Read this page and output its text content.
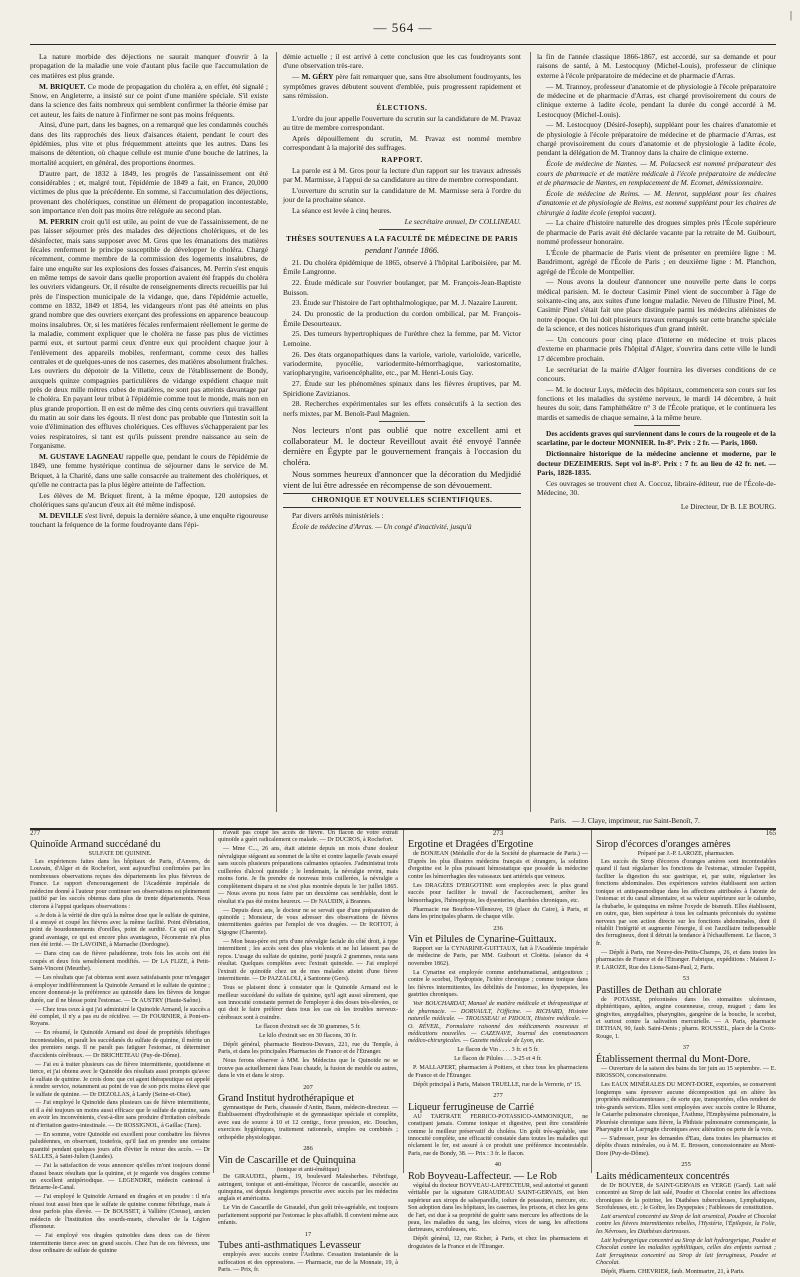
— 564 —
|

La nature morbide des déjections ne saurait manquer d'ouvrir à la propagation de la maladie une voie d'autant plus facile que l'accumulation de ces matières est plus grande.

M. BRIQUET. Ce mode de propagation du choléra a, en effet, été signalé ; Snow, en Angleterre, a insisté sur ce point d'une manière spéciale. S'il existe dans la science des faits nombreux qui semblent confirmer la théorie émise par cet auteur, les faits de nature à l'infirmer ne sont pas moins fréquents.

Ainsi, d'une part, dans les bagnes, on a remarqué que les condamnés couchés dans des lits rapprochés des lieux d'aisances étaient, pendant le court des épidémies, plus vite et plus fréquemment atteints que les autres. Dans les maisons de détention, où chaque cellule est munie d'une bouche de latrines, la mortalité acquiert, en général, des proportions énormes.

D'autre part, de 1832 à 1849, les progrès de l'assainissement ont été considérables ; et, malgré tout, l'épidémie de 1849 a fait, en France, 20,000 victimes de plus que la précédente. En somme, si l'accumulation des déjections, provenant des cholériques, constitue un élément de propagation incontestable, son importance n'en doit pas moins être reléguée au second plan.

M. PERRIN croit qu'il est utile, au point de vue de l'assainissement, de ne pas laisser séjourner près des malades des déjections cholériques, et de les désinfecter, mais sans supposer avec M. Gros que les émanations des matières fécales renferment le principe susceptible de développer le choléra. Chargé récemment, comme membre de la commission des logements insalubres, de faire une enquête sur les explosions des fosses d'aisances, M. Perrin s'est enquis en même temps de savoir dans quelle proportion avaient été frappés du choléra les ouvriers vidangeurs. Or, il résulte de renseignements directs recueillis par lui près de l'inspection municipale de la vidange, que, dans l'épidémie actuelle, comme en 1832, 1849 et 1854, les vidangeurs n'ont pas été atteints en plus grand nombre que des ouvriers exerçant des professions en apparence beaucoup moins insalubres. Or, si les matières fécales renfermaient réellement le germe de la maladie, comment expliquer que le choléra ne fasse pas plus de victimes parmi eux, et surtout parmi ceux d'entre eux qui procèdent chaque jour à l'enlèvement des appareils mobiles, renfermant, comme ceux des halles centrales et de quelques-unes de nos casernes, des matières absolument fraîches. Les ouvriers du dépotoir de la Villette, ceux de l'établissement de Bondy, auxquels quinze compagnies particulières de vidange expédient chaque nuit près de deux mille mètres cubes de matières, ne sont pas atteints davantage par le choléra. En payant leur tribut à l'épidémie comme tout le monde, mais non en plus grande proportion. Il en est de même des cinq cents ouvriers qui travaillent du matin au soir dans les égouts. Il n'est donc pas probable que l'intestin soit la voie d'élimination des effluves cholériques. Ces effluves s'échapperaient par les voies respiratoires, si tant est qu'ils puissent prendre naissance au sein de l'organisme.

M. GUSTAVE LAGNEAU rappelle que, pendant le cours de l'épidémie de 1849, une femme hystérique continua de séjourner dans le service de M. Briquet, à la Charité, dans une salle consacrée au traitement des cholériques, et qu'elle ne contracta pas la plus légère atteinte de l'affection.

Les élèves de M. Briquet firent, à la même époque, 120 autopsies de cholériques sans qu'aucun d'eux ait été même indisposé.

M. DEVILLE s'est livré, depuis la dernière séance, à une enquête rigoureuse touchant la fréquence de la forme foudroyante dans l'épi-

démie actuelle ; il est arrivé à cette conclusion que les cas foudroyants sont d'une observation très-rare.

— M. GÉRY père fait remarquer que, sans être absolument foudroyants, les symptômes graves débutent souvent d'emblée, puis progressent rapidement et sans rémission.

ÉLECTIONS.

L'ordre du jour appelle l'ouverture du scrutin sur la candidature de M. Pravaz au titre de membre correspondant.

Après dépouillement du scrutin, M. Pravaz est nommé membre correspondant à la majorité des suffrages.

RAPPORT.

La parole est à M. Gros pour la lecture d'un rapport sur les travaux adressés par M. Marmisse, à l'appui de sa candidature au titre de membre correspondant.

L'ouverture du scrutin sur la candidature de M. Marmisse sera à l'ordre du jour de la prochaine séance.

La séance est levée à cinq heures.

Le secrétaire annuel, Dr COLLINEAU.

THÈSES SOUTENUES A LA FACULTÉ DE MÉDECINE DE PARIS
pendant l'année 1866.

21. Du choléra épidémique de 1865, observé à l'hôpital Lariboisière, par M. Émile Langronne.

22. Étude médicale sur l'ouvrier boulanger, par M. François-Jean-Baptiste Buisson.

23. Étude sur l'histoire de l'art ophthalmologique, par M. J. Nazaire Laurent.

24. Du pronostic de la production du cordon ombilical, par M. François-Émile Desourteaux.

25. Des tumeurs hypertrophiques de l'urèthre chez la femme, par M. Victor Lemoine.

26. Des états organopathiques dans la variole, variole, varioloïde, varicelle, variodermite, pyocélie, variodermite-hémorrhagique, variostomatite, variopharyngite, varioencéphalite, etc., par M. Henri-Louis Gay.

27. Étude sur les phénomènes spinaux dans les fièvres éruptives, par M. Spiridione Zavizianos.

28. Recherches expérimentales sur les effets consécutifs à la section des nerfs mixtes, par M. Benoît-Paul Magnien.

Nos lecteurs n'ont pas oublié que notre excellent ami et collaborateur M. le docteur Reveillout avait été envoyé l'année dernière en Égypte par le gouvernement français à l'occasion du choléra.

Nous sommes heureux d'annoncer que la décoration du Medjidié vient de lui être adressée en récompense de son dévouement.

CHRONIQUE ET NOUVELLES SCIENTIFIQUES.

Par divers arrêtés ministériels :

École de médecine d'Arras. — Un congé d'inactivité, jusqu'à

la fin de l'année classique 1866-1867, est accordé, sur sa demande et pour raisons de santé, à M. Lestocquoy (Michel-Louis), professeur de clinique externe à l'école préparatoire de médecine et de pharmacie d'Arras.

— M. Trannoy, professeur d'anatomie et de physiologie à l'école préparatoire de médecine et de pharmacie d'Arras, est chargé provisoirement du cours de clinique externe à ladite école, pendant la durée du congé accordé à M. Lestocquoy (Michel-Louis).

— M. Lestocquoy (Désiré-Joseph), suppléant pour les chaires d'anatomie et de physiologie à l'école préparatoire de médecine et de pharmacie d'Arras, est chargé provisoirement du cours d'anatomie et de physiologie à ladite école, pendant la délégation de M. Trannoy dans la chaire de clinique externe.

École de médecine de Nantes. — M. Polacseck est nommé préparateur des cours de pharmacie et de matière médicale à l'école préparatoire de médecine et de pharmacie de Nantes, en remplacement de M. Ecomet, démissionnaire.

École de médecine de Reims. — M. Henrot, suppléant pour les chaires d'anatomie et de physiologie de Reims, est nommé suppléant pour les chaires de chirurgie à ladite école (emploi vacant).

— La chaire d'histoire naturelle des drogues simples près l'École supérieure de pharmacie de Paris avait été déclarée vacante par la retraite de M. Guibourt, nommé professeur honoraire.

L'École de pharmacie de Paris vient de présenter en première ligne : M. Baudrimont, agrégé de l'École de Paris ; en deuxième ligne : M. Planchon, agrégé de l'École de Montpellier.

— Nous avons la douleur d'annoncer une nouvelle perte dans le corps médical parisien. M. le docteur Casimir Pinel vient de succomber à l'âge de soixante-cinq ans, aux suites d'une longue maladie. Neveu de l'illustre Pinel, M. Casimir Pinel s'était fait une place distinguée parmi les médecins aliénistes de notre époque. On lui doit plusieurs travaux remarqués sur cette branche spéciale de la science, et des notices historiques d'un grand intérêt.

— Un concours pour cinq place d'interne en médecine et trois places d'externe en pharmacie près l'hôpital d'Alger, s'ouvrira dans cette ville le lundi 17 décembre prochain.

Le secrétariat de la mairie d'Alger fournira les diverses conditions de ce concours.

— M. le docteur Luys, médecin des hôpitaux, commencera son cours sur les fonctions et les maladies du système nerveux, le mardi 14 décembre, à huit heures du soir, dans l'amphithéâtre n° 3 de l'École pratique, et le continuera les mardis et samedis de chaque semaine, à la même heure.

Des accidents graves qui surviennent dans le cours de la rougeole et de la scarlatine, par le docteur MONNIER. In-8°. Prix : 2 fr. — Paris, 1860.

Dictionnaire historique de la médecine ancienne et moderne, par le docteur DEZEIMERIS. Sept vol in-8°. Prix : 7 fr. au lieu de 42 fr. net. — Paris, 1828-1835.

Ces ouvrages se trouvent chez A. Coccoz, libraire-éditeur, rue de l'École-de-Médecine, 30.

Le Directeur, Dr B. LE BOURG.
Paris. — J. Claye, imprimeur, rue Saint-Benoît, 7.
277
Quinoïde Armand succédané du
SULFATE DE QUININE.

Les expériences faites dans les hôpitaux de Paris, d'Anvers, de Louvain, d'Alger et de Rochefort, sont aujourd'hui confirmées par les nombreuses observations reçues des départements les plus fiévreux de France. Le rapport d'encouragement de l'Académie impériale de médecine donné à l'auteur pour continuer ses observations est pleinement justifié par les succès obtenus dans plus de trente départements. Nous citerons à l'appui quelques observations :

« Je dois à la vérité de dire qu'à la même dose que le sulfate de quinine, il a enrayé et coupé les fièvres avec la même facilité. Point d'ébriation, point de bourdonnements d'oreilles, point de surdité. Ce qui est d'un grand avantage, ce qui est encore plus avantageux, l'économie n'a plus rien été irrité. — Dr LAVOINE, à Marnache (Dordogne).

— Dans cinq cas de fièvre paludéenne, trois fois les accès ont été coupés et deux fois sensiblement modifiés. — Dr LA FLIZE, à Petit-Saint-Vincent (Meurthe).

— Les résultats que j'ai obtenus sont assez satisfaisants pour m'engager à employer indifféremment la Quinoïde Armand et le sulfate de quinine ; encore donnerai-je la préférence au quinoïde dans les fièvres de longue durée, car il ne blesse point l'estomac. — Dr AUSTRY (Haute-Saône).

— Chez tous ceux à qui j'ai administré le Quinoïde Armand, le succès a été complet, il n'y a pas eu de récidive. — Dr FOURNIER, à Pont-en-Royans.

— En résumé, le Quinoïde Armand est doué de propriétés fébrifuges incontestables, et paraît les succédanés du sulfate de quinine, il mérite un des premiers rangs. Il ne paraît pas fatiguer l'estomac, ni déterminer d'accidents cérébraux. — Dr BRICHETEAU (Puy-de-Dôme).

— J'ai eu à traiter plusieurs cas de fièvre intermittente, quotidienne et tierce, et j'ai obtenu avec le Quinoïde des résultats aussi prompts qu'avec le sulfate de quinine. Je crois donc que cet agent thérapeutique est appelé à rendre service, notamment au point de vue de son prix moins élevé que le sulfate de quinine. — Dr DEZOLLAS, à Lardy (Seine-et-Oise).

— J'ai employé le Quinoïde dans plusieurs cas de fièvre intermittente, et il a été toujours un moins aussi efficace que le sulfate de quinine, sans en avoir les inconvénients, c'est-à-dire sans produire d'irritation cérébrale ni d'irritation gastro-intestinale. — Dr ROSSIGNOL, à Gaillac (Tarn).

— En somme, votre Quinoïde est excellent pour combattre les fièvres paludéennes, en observant, toutefois, qu'il faut en prendre une certaine quantité pendant quelques jours afin d'éviter le retour des accès. — Dr SALLES, à Saint-Julien (Landes).

— J'ai la satisfaction de vous annoncer qu'elles m'ont toujours donné d'aussi beaux résultats que la quinine, et je regarde vos dragées comme un excellent antipériodique. — LEGENDRE, médecin cantonal à Brizarne-le-Canal.

— J'ai employé le Quinoïde Armand en dragées et en poudre : il m'a réussi tout aussi bien que le sulfate de quinine comme fébrifuge, mais à dose parfois plus élevée. — Dr BOUSSET, à Vallière (Creuse), ancien médecin de l'institution des sourds-muets, chevalier de la Légion d'honneur.

— J'ai employé vos dragées quinoïdes dans deux cas de fièvre intermittente tierce avec un grand succès. Chez l'un de ces fiévreux, une dose ordinaire de sulfate de quinine

n'avait pas coupé les accès de fièvre. Un flacon de votre extrait quinoïde a guéri radicalement ce malade. — Dr DUCROS, à Rochefort.

— Mme C..., 26 ans, était atteinte depuis un mois d'une douleur névralgique siégeant au sommet de la tête et contre laquelle j'avais essayé sans succès plusieurs préparations calmantes opiacées. J'administrai trois cuillerées d'alcool quinoïde ; le lendemain, la névralgie revint, mais moins forte. Je fis prendre de nouveau trois cuillerées, la névralgie a complètement disparu et ne s'est plus montrée depuis le 1er juillet 1865. — Nous avons pu nous faire par un deuxième cas semblable, dont le résultat n'a pas été moins heureux. — Dr NAUDIN, à Brannes.

— Depuis deux ans, le docteur ne se servait que d'une préparation de quinoïde ; Monsieur, de vous adresser des observations de fièvres intermittentes guéries par l'emploi de vos dragées. — Dr ROITOT, à Sigogne (Charente).

— Mon beau-père est pris d'une névralgie faciale du côté droit, à type intermittent ; les accès sont des plus violents et ne lui laissent pas de repos. L'usage du sulfate de quinine, porté jusqu'à 2 grammes, resta sans résultat. Quelques complètes avec l'extrait quinoïde. — J'ai employé l'extrait de quinoïde chez un de mes malades atteint d'une fièvre intermittente. — Dr PAZZALOLI, à Santonne (Gers).

Tous se plaisent donc à constater que le Quinoïde Armand est le meilleur succédané du sulfate de quinine, qu'il agit aussi sûrement, que son innocuité constante permet de l'employer à des doses très-élevées, ce qui doit le faire préférer dans tous les cas où les troubles nerveux-cérébraux sont à craindre.

Le flacon d'extrait sec de 30 grammes, 5 fr.

Le kilo d'extrait sec en 30 flacons, 30 fr.

Dépôt général, pharmacie Boutrou-Duvaux, 221, rue du Temple, à Paris, et dans les principales Pharmacies de France et de l'Étranger.

Nous ferons observer à MM. les Médecins que le Quinoïde ne se trouve pas actuellement dans l'eau chaude, la fusion de meuble ou autres, dans le vin et dans le sirop.

207
Grand Institut hydrothérapique et

gymnastique de Paris, chaussée d'Antin, Baum, médecin-directeur. — Établissement d'hydrothérapie et de gymnastique spéciale et complète, avec eau de source à 10 et 12 centigr., force pression, etc. Douches, exercices hygiéniques, traitement rationnels, simples ou combinés ; orthopédie physiologique.

286
Vin de Cascarille et de Quinquina
(tonique et anti-émétique)

De GIRAUDEL, pharm., 19, boulevard Malesherbes. Fébrifuge, astringent, tonique et anti-émétique, l'écorce de cascarille, associée au quinquina, est depuis longtemps prescrite avec succès par les médecins anglais et américains.

Le Vin de Cascarille de Giraudel, d'un goût très-agréable, est toujours parfaitement supporté par l'estomac le plus affaibli. Il convient même aux enfants.

17
Tubes anti-asthmatiques Levasseur

employés avec succès contre l'Asthme. Cessation instantanée de la suffocation et des oppressions. — Pharmacie, rue de la Monnaie, 19, à Paris. — Prix, fr.

273
Ergotine et Dragées d'Ergotine

de BONJEAN (Médaille d'or de la Société de pharmacie de Paris.) — D'après les plus illustres médecins français et étrangers, la solution d'ergotine est le plus puissant hémostatique que possède la médecine contre les hémorrhagies des vaisseaux tant artériels que veineux.

Les DRAGÉES D'ERGOTINE sont employées avec le plus grand succès pour faciliter le travail de l'accouchement, arrêter les hémorrhagies, l'hémoptysie, les dysenteries, diarrhées chroniques, etc.

Pharmacie rue Bourbon-Villeneuve, 19 (place du Caire), à Paris, et dans les principales pharm. de chaque ville.

236
Vin et Pilules de Cynarine-Guittaux.

Rapport sur la CYNARINE-GUITTAUX, fait à l'Académie impériale de médecine de Paris, par MM. Guibourt et Cloëtta. (séance du 4 novembre 1862).

La Cynarine est employée comme antirhumatismal, antigoutteux ; contre le scorbut, l'hydropisie, l'ictère chronique ; comme tonique dans les fièvres intermittentes, les débilités de l'estomac, les dyspepsies, les gastrites chroniques.

Voir BOUCHARDAT, Manuel de matière médicale et thérapeutique et de pharmacie. — DORVAULT, l'Officine. — RICHARD, Histoire naturelle médicale. — TROUSSEAU et PIDOUX, Histoire médicale. — O. RÉVEIL, Formulaire raisonné des médicaments nouveaux et médications nouvelles. — CAZENAVE, Journal des connaissances médico-chirurgicales. — Gazette médicale de Lyon, etc.

Le flacon de Vin . . . . 3 fr. et 5 fr.

Le flacon de Pilules . . . 3-25 et 4 fr.

P. MALLAPERT, pharmacien à Poitiers, et chez tous les pharmaciens de France et de l'Étranger.

Dépôt principal à Paris, Maison TRUELLE, rue de la Verrerie, n° 15.

277
Liqueur ferrugineuse de Carrié

AU TARTRATE FERRICO-POTASSICO-AMMONIQUE, ne constipant jamais. Comme tonique et digestive, peut être considérée comme le meilleur préservatif du choléra. Un goût très-agréable, une innocuité complète, une efficacité constatée dans toutes les maladies qui réclament le fer, est assuré à ce produit une préférence incontestable. Paris, rue de Bondy, 38. — Prix : 3 fr. le flacon.

40
Rob Boyveau-Laffecteur. — Le Rob

végétal du docteur BOYVEAU-LAFFECTEUR, seul autorisé et garanti véritable par la signature GIRAUDEAU SAINT-GERVAIS, est bien supérieur aux sirops de salsepareille, iodure de potassium, mercure, etc. Son adoption dans les hôpitaux, les casernes, les prisons, et chez les gens de l'art, est due à sa propriété de guérir sans mercure les affections de la peau, les maladies du sang, les ulcères, vices de sang, les affections dartreuses, scrofuleuses, etc.

Dépôt général, 12, rue Richer, à Paris, et chez les pharmaciens et droguistes de la France et de l'Étranger.

165
Sirop d'écorces d'oranges amères
Préparé par J.-P. LAROZE, pharmacien.

Les succès du Sirop d'écorces d'oranges amères sont incontestables quand il faut régulariser les fonctions de l'estomac, stimuler l'appétit, faciliter la digestion du suc gastrique, et, par suite, régulariser les fonctions abdominales. Des expériences suivies établissent son action tonique et antispasmodique dans les affections attribuées à l'atonie de l'estomac et du canal alimentaire, et sa valeur supérieure sur le calumbo, la rhubarbe, le quinquina en même l'oxyde de bismuth. Elles établissent, en outre, que, bien supérieur à tous les calmants préconisés du système nerveux par son action directe sur les fonctions abdominales, dont il rétablit l'intégrité et augmente l'énergie, il est l'auxiliaire indispensable des ferrugineux, dont il détruit la tendance à l'échauffement. Le flacon, 3 fr.

— Dépôt à Paris, rue Neuve-des-Petits-Champs, 26, et dans toutes les pharmacies de France et de l'Étranger. Fabrique, expéditions : Maison J.-P. LAROZE, Rue des Lions-Saint-Paul, 2, Paris.

53
Pastilles de Dethan au chlorate

de POTASSE, préconisées dans les stomatites ulcéreuses, diphtéritiques, aphtes, angine couenneuse, croup, muguet ; dans les gingivites, amygdalites, pharyngites, gangrène de la bouche, le scorbut, et surtout contre la salivation mercurielle. — A Paris, pharmacie DETHAN, 90, faub. Saint-Denis ; pharm. ROUSSEL, place de la Croix-Rouge, 1.

37
Établissement thermal du Mont-Dore.

— Ouverture de la saison des bains du 1er juin au 15 septembre. — E. BROSSON, concessionnaire.

Les EAUX MINÉRALES DU MONT-DORE, exportées, se conservent longtemps sans éprouver aucune décomposition qui en altère les propriétés médicamenteuses ; de sorte que, transportées, elles rendent de très-grands services. Elles sont employées avec succès contre le Rhume, le Catarrhe pulmonaire chronique, l'Asthme, l'Emphysème pulmonaire, la Pleurésie chronique sans fièvre, la Phthisie pulmonaire commençante, la Pharyngite et la Laryngite chroniques avec altération ou perte de la voix.

— S'adresser, pour les demandes d'Eau, dans toutes les pharmacies et dépôts d'eaux minérales, ou à M. E. Brosson, concessionnaire au Mont-Dore (Puy-de-Dôme).

255
Laits médicamenteux concentrés

de Dr BOUYER, de SAINT-GERVAIS en VERGE (Gard). Lait salé concentré au Sirop de lait salé, Poudre et Chocolat contre les affections chroniques de la poitrine, les Diathèses tuberculeuses, Lymphatiques, Scrofuleuses, etc. ; le Goître, les Dyspepsies ; Faiblesses de constitution.

Lait arsenical concentré au Sirop de lait arsenical, Poudre et Chocolat contre les fièvres intermittentes rebelles, l'Hystérie, l'Épilepsie, la Folie, les Névroses, les Diathèses dartreuses.

Lait hydrargyrique concentré au Sirop de lait hydrargyrique, Poudre et Chocolat contre les maladies syphilitiques, celles des enfants surtout ; Lait ferrugineux concentré au Sirop de lait ferrugineux, Poudre et Chocolat.

Dépôt, Pharm. CHEVRIER, faub. Montmartre, 21, à Paris.
